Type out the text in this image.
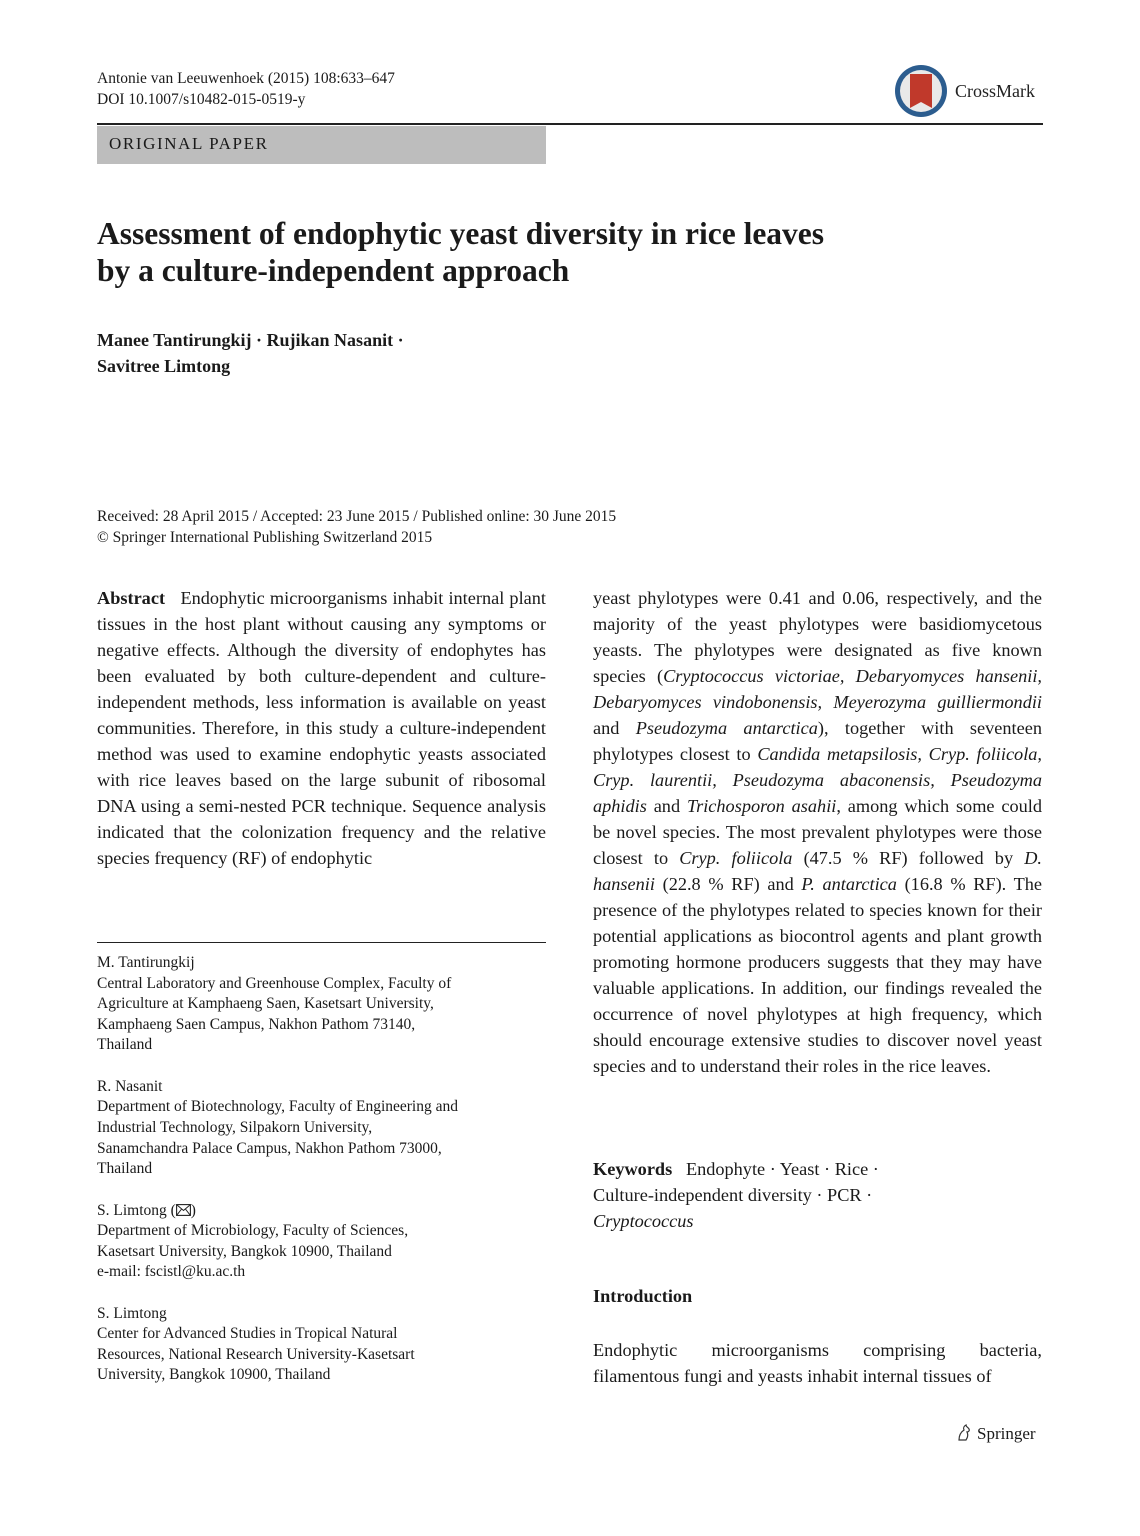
Antonie van Leeuwenhoek (2015) 108:633–647
DOI 10.1007/s10482-015-0519-y	CrossMark
ORIGINAL PAPER
Assessment of endophytic yeast diversity in rice leaves
by a culture-independent approach
Manee Tantirungkij · Rujikan Nasanit ·
Savitree Limtong
Received: 28 April 2015 / Accepted: 23 June 2015 / Published online: 30 June 2015
© Springer International Publishing Switzerland 2015

Abstract Endophytic microorganisms inhabit internal plant tissues in the host plant without causing any symptoms or negative effects. Although the diversity of endophytes has been evaluated by both culture-dependent and culture-independent methods, less information is available on yeast communities. Therefore, in this study a culture-independent method was used to examine endophytic yeasts associated with rice leaves based on the large subunit of ribosomal DNA using a semi-nested PCR technique. Sequence analysis indicated that the colonization frequency and the relative species frequency (RF) of endophytic

yeast phylotypes were 0.41 and 0.06, respectively, and the majority of the yeast phylotypes were basidiomycetous yeasts. The phylotypes were designated as five known species (Cryptococcus victoriae, Debaryomyces hansenii, Debaryomyces vindobonensis, Meyerozyma guilliermondii and Pseudozyma antarctica), together with seventeen phylotypes closest to Candida metapsilosis, Cryp. foliicola, Cryp. laurentii, Pseudozyma abaconensis, Pseudozyma aphidis and Trichosporon asahii, among which some could be novel species. The most prevalent phylotypes were those closest to Cryp. foliicola (47.5 % RF) followed by D. hansenii (22.8 % RF) and P. antarctica (16.8 % RF). The presence of the phylotypes related to species known for their potential applications as biocontrol agents and plant growth promoting hormone producers suggests that they may have valuable applications. In addition, our findings revealed the occurrence of novel phylotypes at high frequency, which should encourage extensive studies to discover novel yeast species and to understand their roles in the rice leaves.

M. Tantirungkij
Central Laboratory and Greenhouse Complex, Faculty of
Agriculture at Kamphaeng Saen, Kasetsart University,
Kamphaeng Saen Campus, Nakhon Pathom 73140,
Thailand
R. Nasanit
Department of Biotechnology, Faculty of Engineering and
Industrial Technology, Silpakorn University,
Sanamchandra Palace Campus, Nakhon Pathom 73000,
Thailand
S. Limtong ( )
Department of Microbiology, Faculty of Sciences,
Kasetsart University, Bangkok 10900, Thailand
e-mail: fscistl@ku.ac.th
S. Limtong
Center for Advanced Studies in Tropical Natural
Resources, National Research University-Kasetsart
University, Bangkok 10900, Thailand
Keywords Endophyte · Yeast · Rice ·
Culture-independent diversity · PCR ·
Cryptococcus
Introduction
Endophytic microorganisms comprising bacteria, filamentous fungi and yeasts inhabit internal tissues of
Springer
